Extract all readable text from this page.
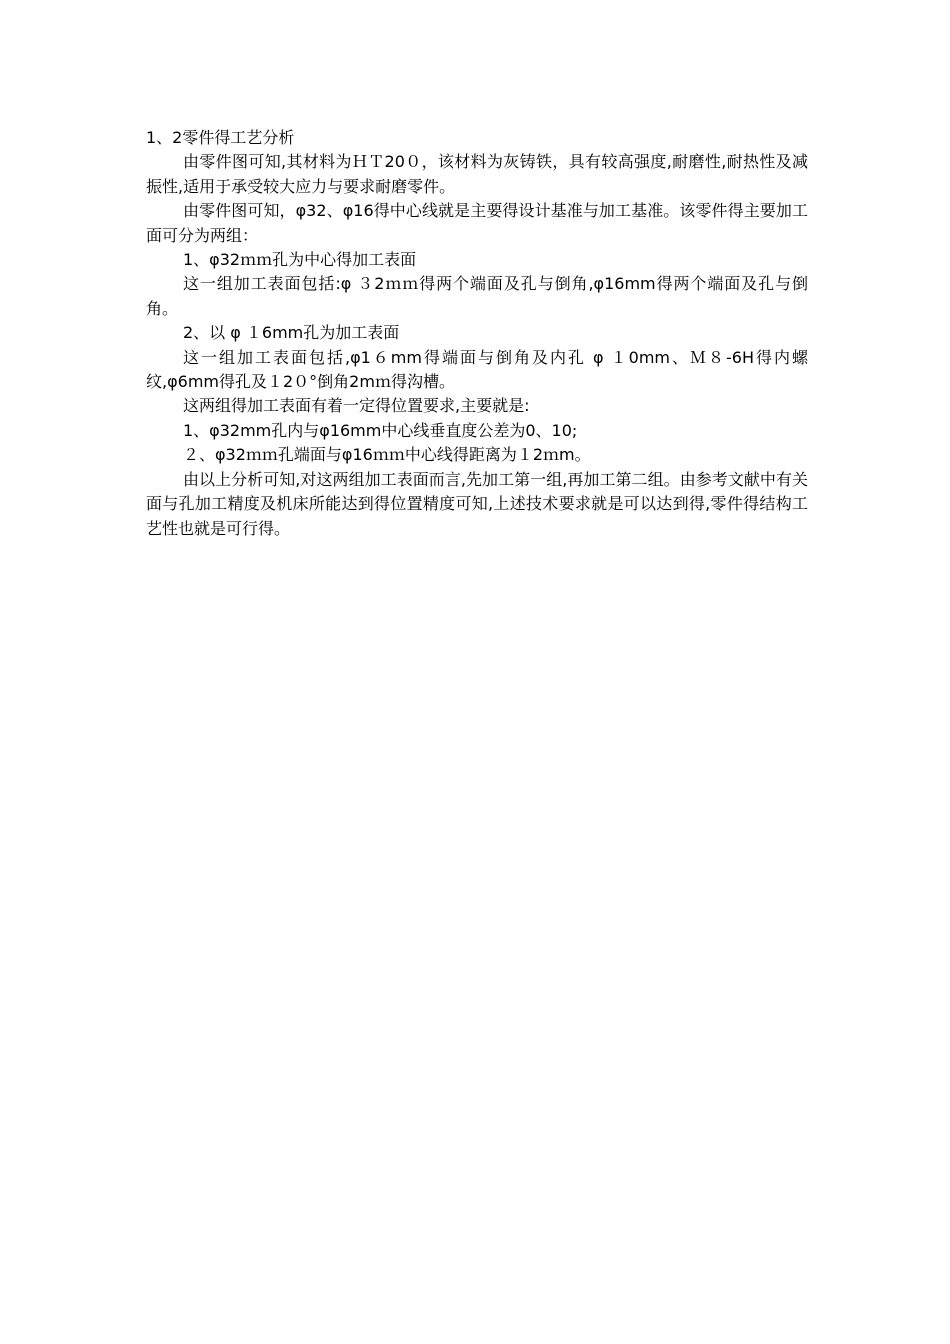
1、2零件得工艺分析

由零件图可知,其材料为ＨＴ20０，该材料为灰铸铁，具有较高强度,耐磨性,耐热性及减振性,适用于承受较大应力与要求耐磨零件。

由零件图可知，φ32、φ16得中心线就是主要得设计基准与加工基准。该零件得主要加工面可分为两组：

1、φ32ｍｍ孔为中心得加工表面

这一组加工表面包括:φ ３2ｍｍ得两个端面及孔与倒角,φ16mm得两个端面及孔与倒角。

2、以 φ １6mm孔为加工表面

这一组加工表面包括,φ1６mm得端面与倒角及内孔 φ １0mm、Ｍ８-6H得内螺纹,φ6mm得孔及１2０°倒角2mｍ得沟槽。

这两组得加工表面有着一定得位置要求,主要就是:

1、φ32mm孔内与φ16mm中心线垂直度公差为0、10;

２、φ32ｍｍ孔端面与φ16ｍｍ中心线得距离为１2ｍm。

由以上分析可知,对这两组加工表面而言,先加工第一组,再加工第二组。由参考文献中有关面与孔加工精度及机床所能达到得位置精度可知,上述技术要求就是可以达到得,零件得结构工艺性也就是可行得。
